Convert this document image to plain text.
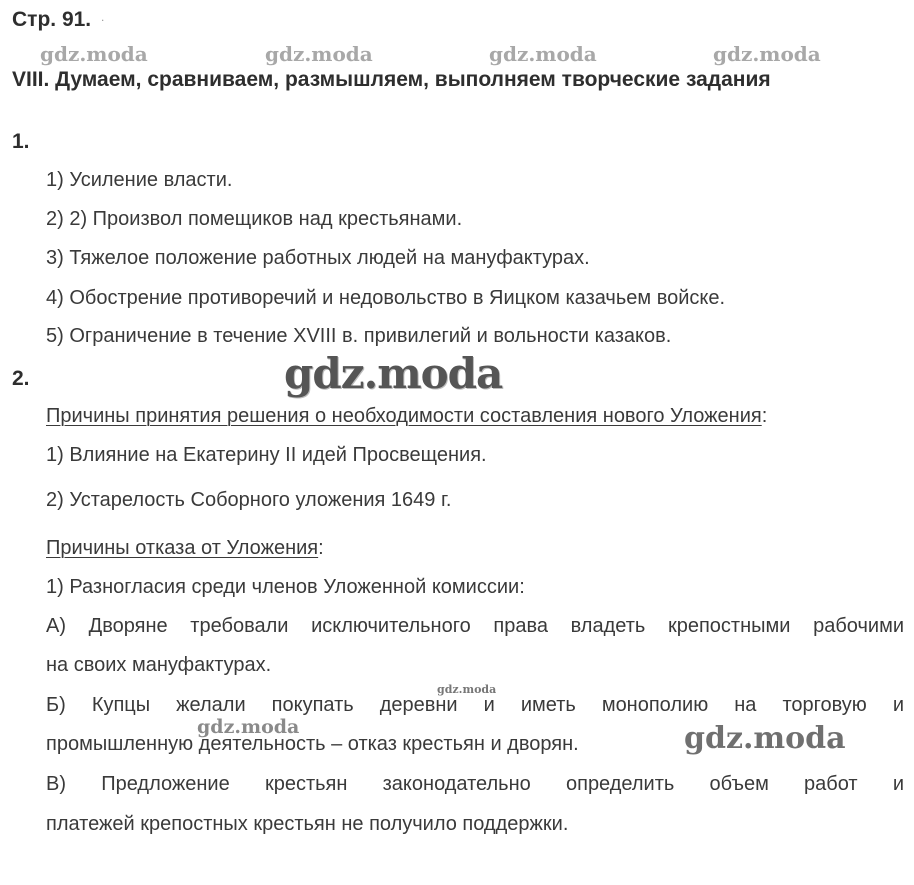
Стр. 91. .
gdz.moda	gdz.moda	gdz.moda	gdz.moda
VIII. Думаем, сравниваем, размышляем, выполняем творческие задания
1.
1) Усиление власти.
2) 2) Произвол помещиков над крестьянами.
3) Тяжелое положение работных людей на мануфактурах.
4) Обострение противоречий и недовольство в Яицком казачьем войске.
5) Ограничение в течение XVIII в. привилегий и вольности казаков.
2.	gdz.moda
Причины принятия решения о необходимости составления нового Уложения:
1) Влияние на Екатерину II идей Просвещения.
2) Устарелость Соборного уложения 1649 г.
Причины отказа от Уложения:
1) Разногласия среди членов Уложенной комиссии:
А) Дворяне требовали исключительного права владеть крепостными рабочими
на своих мануфактурах.
gdz.moda
Б) Купцы желали покупать деревни и иметь монополию на торговую и
gdz.moda
промышленную деятельность – отказ крестьян и дворян.	gdz.moda
В) Предложение крестьян законодательно определить объем работ и
платежей крепостных крестьян не получило поддержки.
